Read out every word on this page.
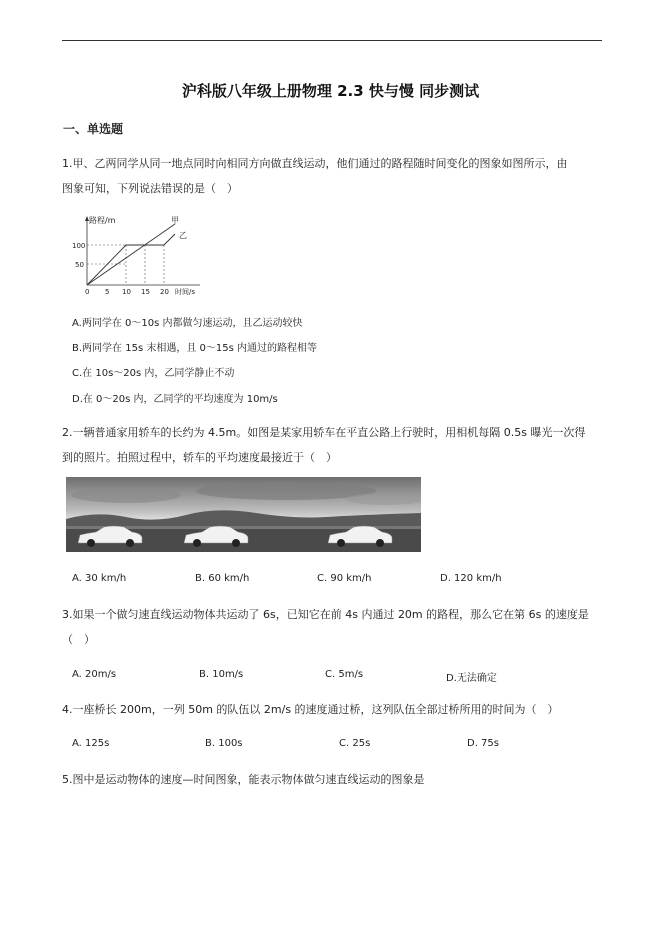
沪科版八年级上册物理 2.3 快与慢 同步测试
一、单选题
1.甲、乙两同学从同一地点同时向相同方向做直线运动，他们通过的路程随时间变化的图象如图所示，由
图象可知，下列说法错误的是（　）
路程/m	甲
乙
100
50
0 5 10 15 20 时间/s
A.两同学在 0～10s 内都做匀速运动，且乙运动较快
B.两同学在 15s 末相遇，且 0～15s 内通过的路程相等
C.在 10s～20s 内，乙同学静止不动
D.在 0～20s 内，乙同学的平均速度为 10m/s
2.一辆普通家用轿车的长约为 4.5m。如图是某家用轿车在平直公路上行驶时，用相机每隔 0.5s 曝光一次得
到的照片。拍照过程中，轿车的平均速度最接近于（　）
A. 30 km/h	B. 60 km/h	C. 90 km/h	D. 120 km/h
3.如果一个做匀速直线运动物体共运动了 6s，已知它在前 4s 内通过 20m 的路程，那么它在第 6s 的速度是
（　）
A. 20m/s	B. 10m/s	C. 5m/s	D.无法确定
4.一座桥长 200m，一列 50m 的队伍以 2m/s 的速度通过桥，这列队伍全部过桥所用的时间为（　）
A. 125s	B. 100s	C. 25s	D. 75s
5.图中是运动物体的速度—时间图象，能表示物体做匀速直线运动的图象是
